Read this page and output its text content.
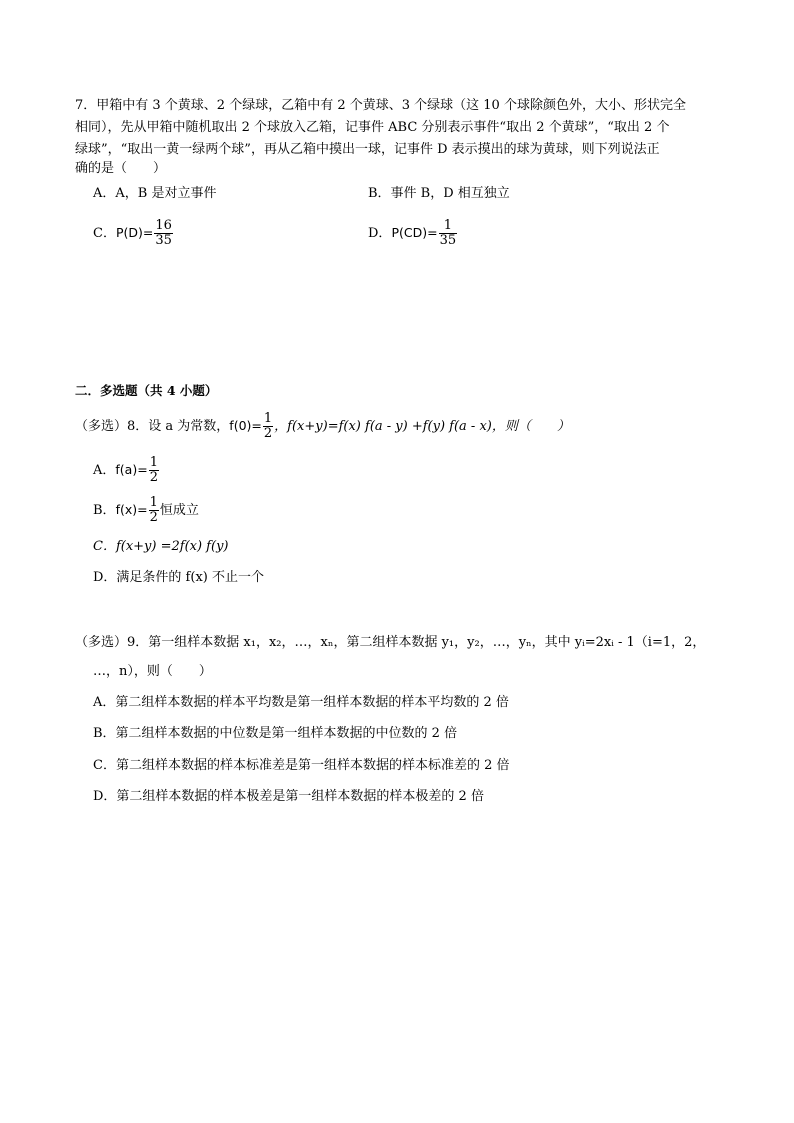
7．甲箱中有 3 个黄球、2 个绿球，乙箱中有 2 个黄球、3 个绿球（这 10 个球除颜色外，大小、形状完全
相同），先从甲箱中随机取出 2 个球放入乙箱，记事件 ABC 分别表示事件“取出 2 个黄球”，“取出 2 个
绿球”，“取出一黄一绿两个球”，再从乙箱中摸出一球，记事件 D 表示摸出的球为黄球，则下列说法正
确的是（　　）
A．A，B 是对立事件	B．事件 B，D 相互独立
C．$P(D)= \frac{16}{35}$	D．$P(CD)= \frac{1}{35}$
二．多选题（共 4 小题）
（多选）8．设 a 为常数，$f(0)= \frac{1}{2}$ ，f(x+y)=f(x) f(a - y) +f(y) f(a - x)，则（　　）
A．$f(a)= \frac{1}{2}$
B．$f(x)= \frac{1}{2}$ 恒成立
C．f(x+y) =2f(x) f(y)
D．满足条件的 f(x) 不止一个
（多选）9．第一组样本数据 x₁，x₂，…，xₙ，第二组样本数据 y₁，y₂，…，yₙ，其中 yᵢ=2xᵢ - 1（i=1，2，
…，n），则（　　）
A．第二组样本数据的样本平均数是第一组样本数据的样本平均数的 2 倍
B．第二组样本数据的中位数是第一组样本数据的中位数的 2 倍
C．第二组样本数据的样本标准差是第一组样本数据的样本标准差的 2 倍
D．第二组样本数据的样本极差是第一组样本数据的样本极差的 2 倍
